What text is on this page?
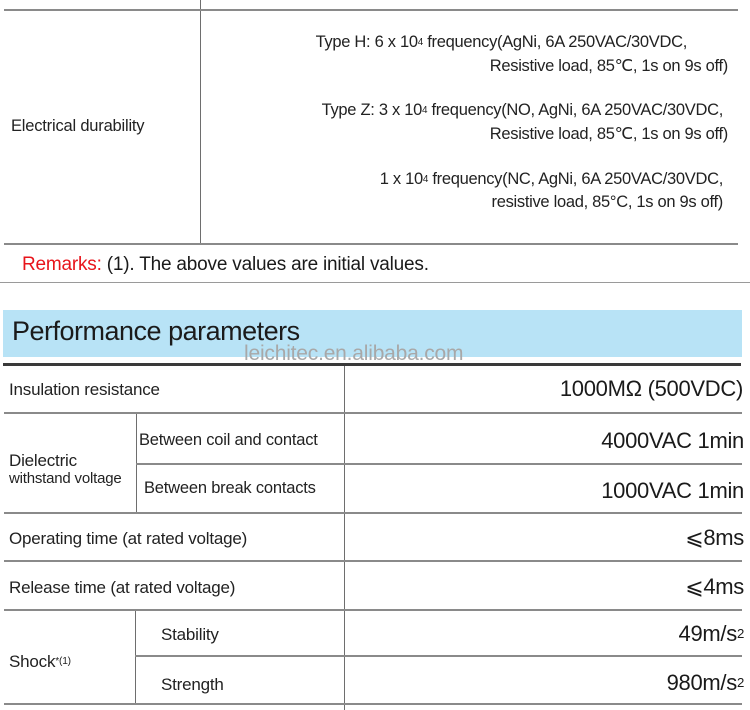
Electrical durability
Type H: 6 x $10^4$ frequency(AgNi, 6A 250VAC/30VDC,
Resistive load, 85℃, 1s on 9s off)
Type Z: 3 x $10^4$ frequency(NO, AgNi, 6A 250VAC/30VDC,
Resistive load, 85℃, 1s on 9s off)
1 x $10^4$ frequency(NC, AgNi, 6A 250VAC/30VDC,
resistive load, 85°C, 1s on 9s off)
Remarks: (1). The above values are initial values.
Performance parameters
leichitec.en.alibaba.com
Insulation resistance	1000MΩ (500VDC)
Dielectric
withstand voltage
Between coil and contact	4000VAC 1min
Between break contacts	1000VAC 1min
Operating time (at rated voltage)	⩽8ms
Release time (at rated voltage)	⩽4ms
Shock$^{*(1)}$
Stability	$49m/s^2$
Strength	$980m/s^2$
